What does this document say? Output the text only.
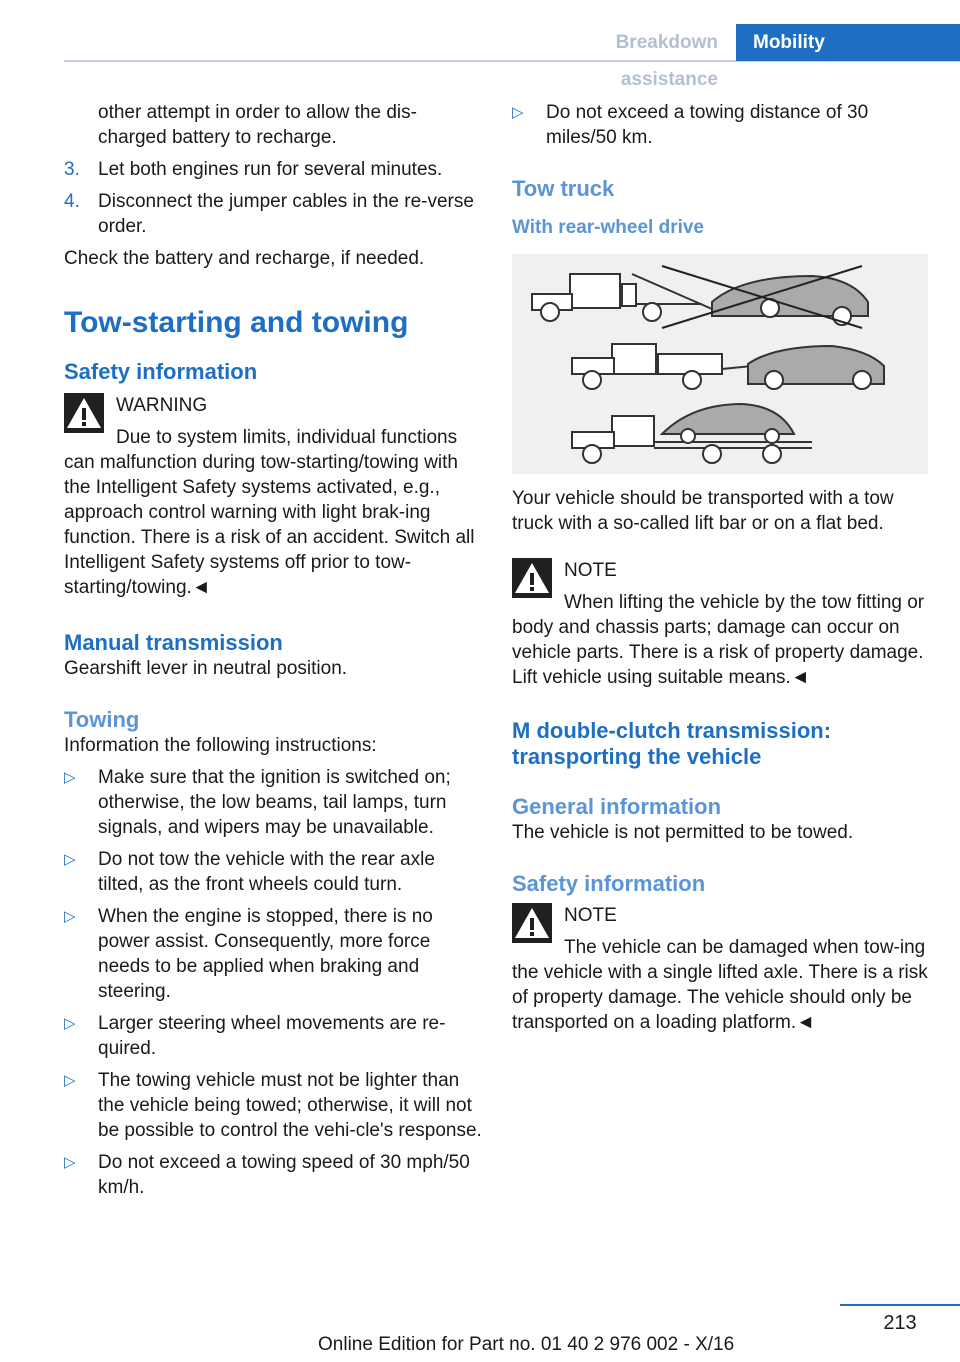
Breakdown assistance
Mobility

other attempt in order to allow the dis-

charged battery to recharge.

3. Let both engines run for several minutes.
4. Disconnect the jumper cables in the re-verse order.

Check the battery and recharge, if needed.

Tow-starting and towing
Safety information
WARNING
Due to system limits, individual functions can malfunction during tow-starting/towing with the Intelligent Safety systems activated, e.g., approach control warning with light brak-ing function. There is a risk of an accident. Switch all Intelligent Safety systems off prior to tow-starting/towing.◄
Manual transmission

Gearshift lever in neutral position.

Towing

Information the following instructions:

▷ Make sure that the ignition is switched on; otherwise, the low beams, tail lamps, turn signals, and wipers may be unavailable.
▷ Do not tow the vehicle with the rear axle tilted, as the front wheels could turn.
▷ When the engine is stopped, there is no power assist. Consequently, more force needs to be applied when braking and steering.
▷ Larger steering wheel movements are re-quired.
▷ The towing vehicle must not be lighter than the vehicle being towed; otherwise, it will not be possible to control the vehi-cle's response.
▷ Do not exceed a towing speed of 30 mph/50 km/h.
▷ Do not exceed a towing distance of 30 miles/50 km.
Tow truck
With rear-wheel drive

Your vehicle should be transported with a tow truck with a so-called lift bar or on a flat bed.

NOTE
When lifting the vehicle by the tow fitting or body and chassis parts; damage can occur on vehicle parts. There is a risk of property damage. Lift vehicle using suitable means.◄
M double-clutch transmission: transporting the vehicle
General information

The vehicle is not permitted to be towed.

Safety information
NOTE
The vehicle can be damaged when tow-ing the vehicle with a single lifted axle. There is a risk of property damage. The vehicle should only be transported on a loading platform.◄
213
Online Edition for Part no. 01 40 2 976 002 - X/16
